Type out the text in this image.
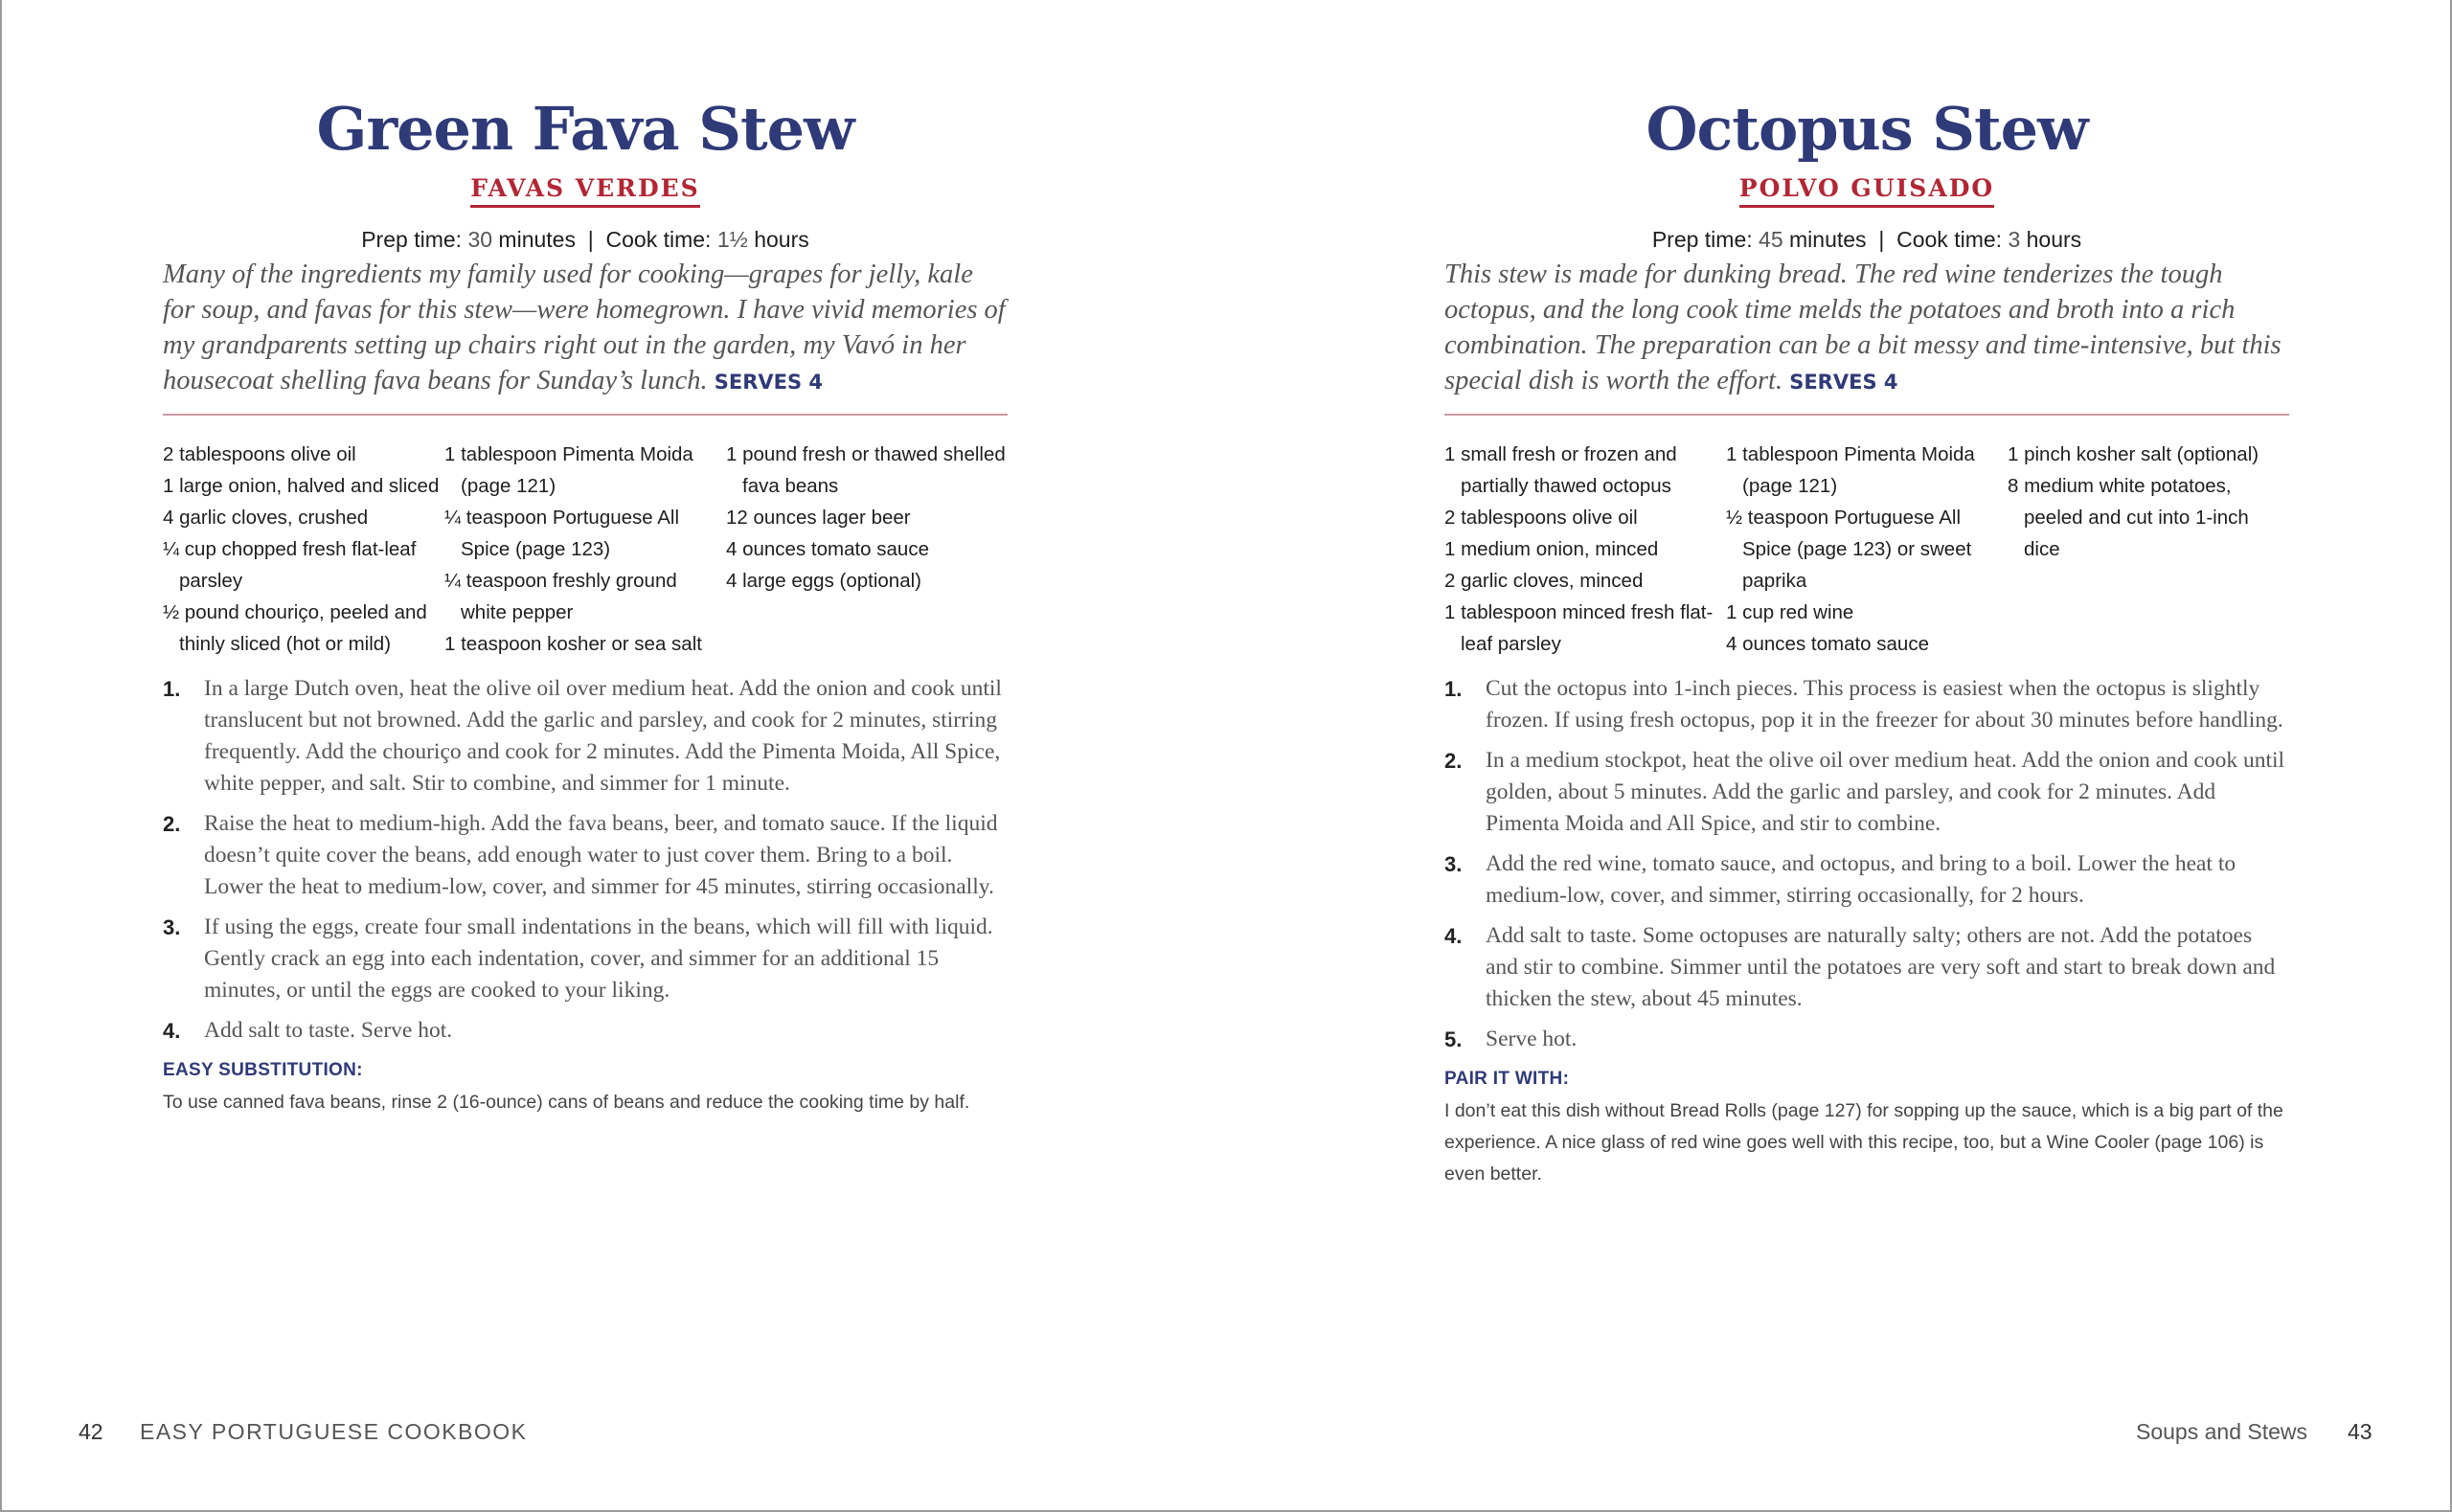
Green Fava Stew
FAVAS VERDES
Prep time: 30 minutes  |  Cook time: 1½ hours

Many of the ingredients my family used for cooking—grapes for jelly, kale for soup, and favas for this stew—were homegrown. I have vivid memories of my grandparents setting up chairs right out in the garden, my Vavó in her housecoat shelling fava beans for Sunday’s lunch. SERVES 4

2 tablespoons olive oil
1 large onion, halved and sliced
4 garlic cloves, crushed
¼ cup chopped fresh flat-leaf parsley
½ pound chouriço, peeled and thinly sliced (hot or mild)
1 tablespoon Pimenta Moida (page 121)
¼ teaspoon Portuguese All Spice (page 123)
¼ teaspoon freshly ground white pepper
1 teaspoon kosher or sea salt
1 pound fresh or thawed shelled fava beans
12 ounces lager beer
4 ounces tomato sauce
4 large eggs (optional)
1. In a large Dutch oven, heat the olive oil over medium heat. Add the onion and cook until translucent but not browned. Add the garlic and parsley, and cook for 2 minutes, stirring frequently. Add the chouriço and cook for 2 minutes. Add the Pimenta Moida, All Spice, white pepper, and salt. Stir to combine, and simmer for 1 minute.
2. Raise the heat to medium-high. Add the fava beans, beer, and tomato sauce. If the liquid doesn’t quite cover the beans, add enough water to just cover them. Bring to a boil. Lower the heat to medium-low, cover, and simmer for 45 minutes, stirring occasionally.
3. If using the eggs, create four small indentations in the beans, which will fill with liquid. Gently crack an egg into each indentation, cover, and simmer for an additional 15 minutes, or until the eggs are cooked to your liking.
4. Add salt to taste. Serve hot.
EASY SUBSTITUTION:
To use canned fava beans, rinse 2 (16-ounce) cans of beans and reduce the cooking time by half.
Octopus Stew
POLVO GUISADO
Prep time: 45 minutes  |  Cook time: 3 hours

This stew is made for dunking bread. The red wine tenderizes the tough octopus, and the long cook time melds the potatoes and broth into a rich combination. The preparation can be a bit messy and time-intensive, but this special dish is worth the effort. SERVES 4

1 small fresh or frozen and partially thawed octopus
2 tablespoons olive oil
1 medium onion, minced
2 garlic cloves, minced
1 tablespoon minced fresh flat-leaf parsley
1 tablespoon Pimenta Moida (page 121)
½ teaspoon Portuguese All Spice (page 123) or sweet paprika
1 cup red wine
4 ounces tomato sauce
1 pinch kosher salt (optional)
8 medium white potatoes, peeled and cut into 1-inch dice
1. Cut the octopus into 1-inch pieces. This process is easiest when the octopus is slightly frozen. If using fresh octopus, pop it in the freezer for about 30 minutes before handling.
2. In a medium stockpot, heat the olive oil over medium heat. Add the onion and cook until golden, about 5 minutes. Add the garlic and parsley, and cook for 2 minutes. Add Pimenta Moida and All Spice, and stir to combine.
3. Add the red wine, tomato sauce, and octopus, and bring to a boil. Lower the heat to medium-low, cover, and simmer, stirring occasionally, for 2 hours.
4. Add salt to taste. Some octopuses are naturally salty; others are not. Add the potatoes and stir to combine. Simmer until the potatoes are very soft and start to break down and thicken the stew, about 45 minutes.
5. Serve hot.
PAIR IT WITH:
I don’t eat this dish without Bread Rolls (page 127) for sopping up the sauce, which is a big part of the experience. A nice glass of red wine goes well with this recipe, too, but a Wine Cooler (page 106) is even better.
42 EASY PORTUGUESE COOKBOOK	Soups and Stews 43
